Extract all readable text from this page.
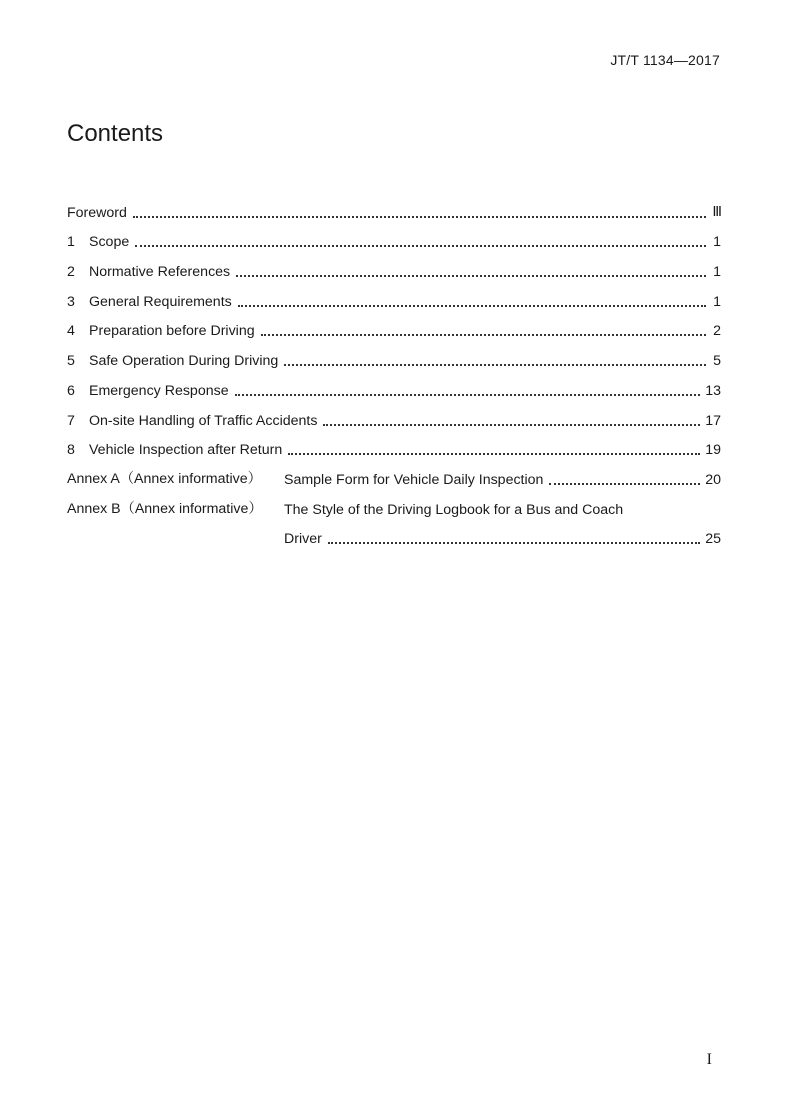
JT/T 1134—2017
Contents
Foreword	Ⅲ
1 Scope	1
2 Normative References	1
3 General Requirements	1
4 Preparation before Driving	2
5 Safe Operation During Driving	5
6 Emergency Response	13
7 On-site Handling of Traffic Accidents	17
8 Vehicle Inspection after Return	19
Annex A（Annex informative）	Sample Form for Vehicle Daily Inspection	20
Annex B（Annex informative）	The Style of the Driving Logbook for a Bus and Coach
Driver	25
I
